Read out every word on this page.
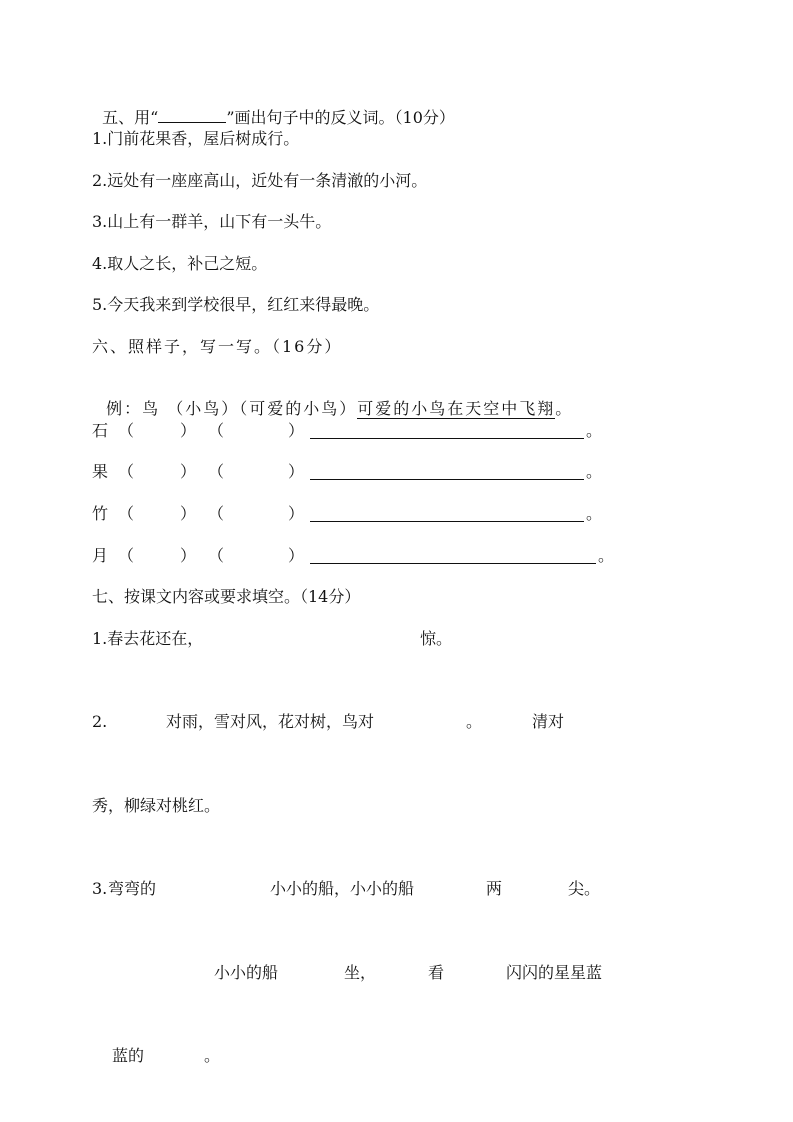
五、用“	”画出句子中的反义词。（10分）

1.门前花果香，屋后树成行。
2.远处有一座座高山，近处有一条清澈的小河。
3.山上有一群羊，山下有一头牛。
4.取人之长，补己之短。
5.今天我来到学校很早，红红来得最晚。
六、照样子，写一写。（16分）

例：鸟 （小鸟）（可爱的小鸟）可爱的小鸟在天空中飞翔。

石 （	） （	）	。
果 （	） （	）	。
竹 （	） （	）	。
月 （	） （	）	。
七、按课文内容或要求填空。（14分）
1.春去花还在，	惊。
2.	对雨，雪对风，花对树，鸟对	。	清对
秀，柳绿对桃红。
3. 弯弯的	小小的船，小小的船	两	尖。
小小的船	坐，	看	闪闪的星星蓝
蓝的	。
